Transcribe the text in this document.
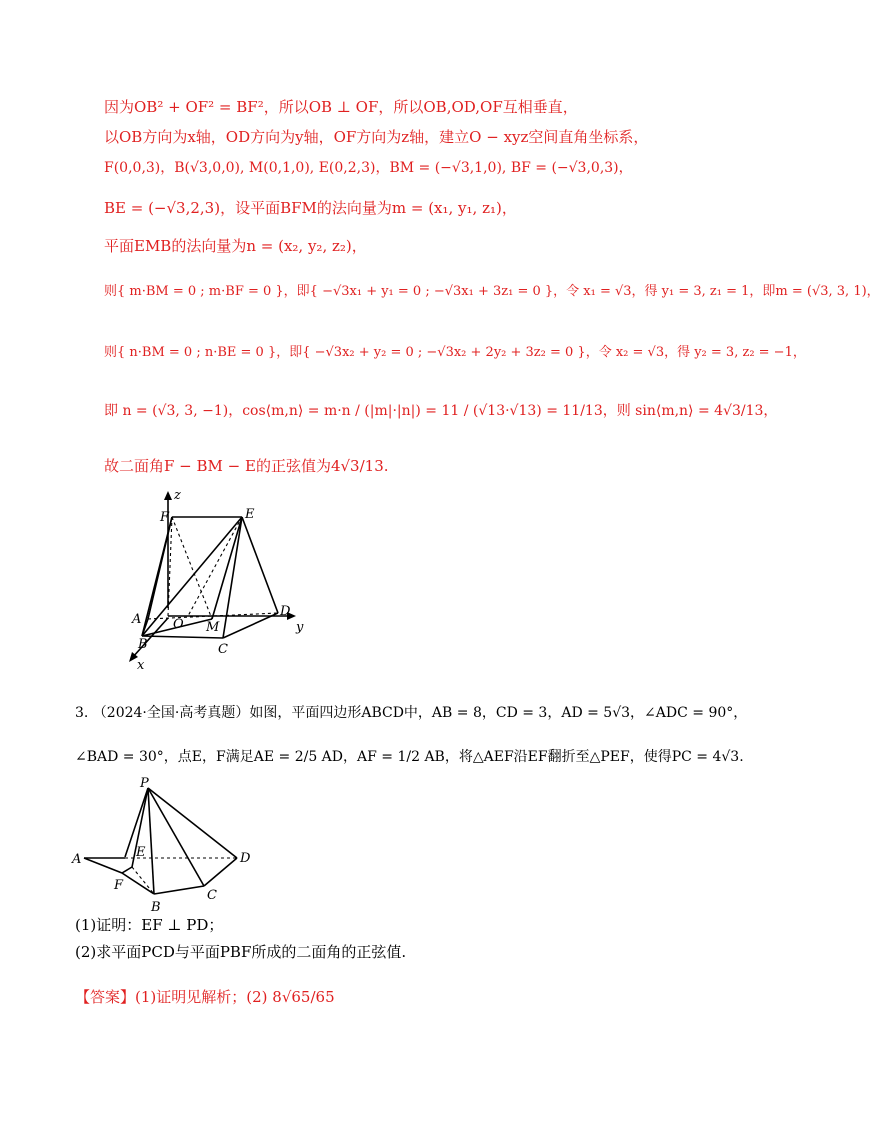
因为OB² + OF² = BF²，所以OB ⊥ OF，所以OB,OD,OF互相垂直，
以OB方向为x轴，OD方向为y轴，OF方向为z轴，建立O − xyz空间直角坐标系，
F(0,0,3)，B(√3,0,0), M(0,1,0), E(0,2,3)，BM = (−√3,1,0), BF = (−√3,0,3)，
BE = (−√3,2,3)，设平面BFM的法向量为m = (x₁, y₁, z₁)，
平面EMB的法向量为n = (x₂, y₂, z₂)，
则{ m·BM = 0 ; m·BF = 0 }，即{ −√3x₁ + y₁ = 0 ; −√3x₁ + 3z₁ = 0 }，令 x₁ = √3，得 y₁ = 3, z₁ = 1，即m = (√3, 3, 1)，
则{ n·BM = 0 ; n·BE = 0 }，即{ −√3x₂ + y₂ = 0 ; −√3x₂ + 2y₂ + 3z₂ = 0 }，令 x₂ = √3，得 y₂ = 3, z₂ = −1，
即 n = (√3, 3, −1)，cos⟨m,n⟩ = m·n / (|m|·|n|) = 11 / (√13·√13) = 11/13，则 sin⟨m,n⟩ = 4√3/13，
故二面角F − BM − E的正弦值为4√3/13.
z
F	E
A O M
D
y
B	C
x
3. （2024·全国·高考真题）如图，平面四边形ABCD中，AB = 8，CD = 3，AD = 5√3，∠ADC = 90°，
∠BAD = 30°，点E，F满足AE = 2/5 AD，AF = 1/2 AB，将△AEF沿EF翻折至△PEF，使得PC = 4√3.
P
A	E	D
F
C
B
(1)证明：EF ⊥ PD；
(2)求平面PCD与平面PBF所成的二面角的正弦值.
【答案】(1)证明见解析；(2) 8√65/65
